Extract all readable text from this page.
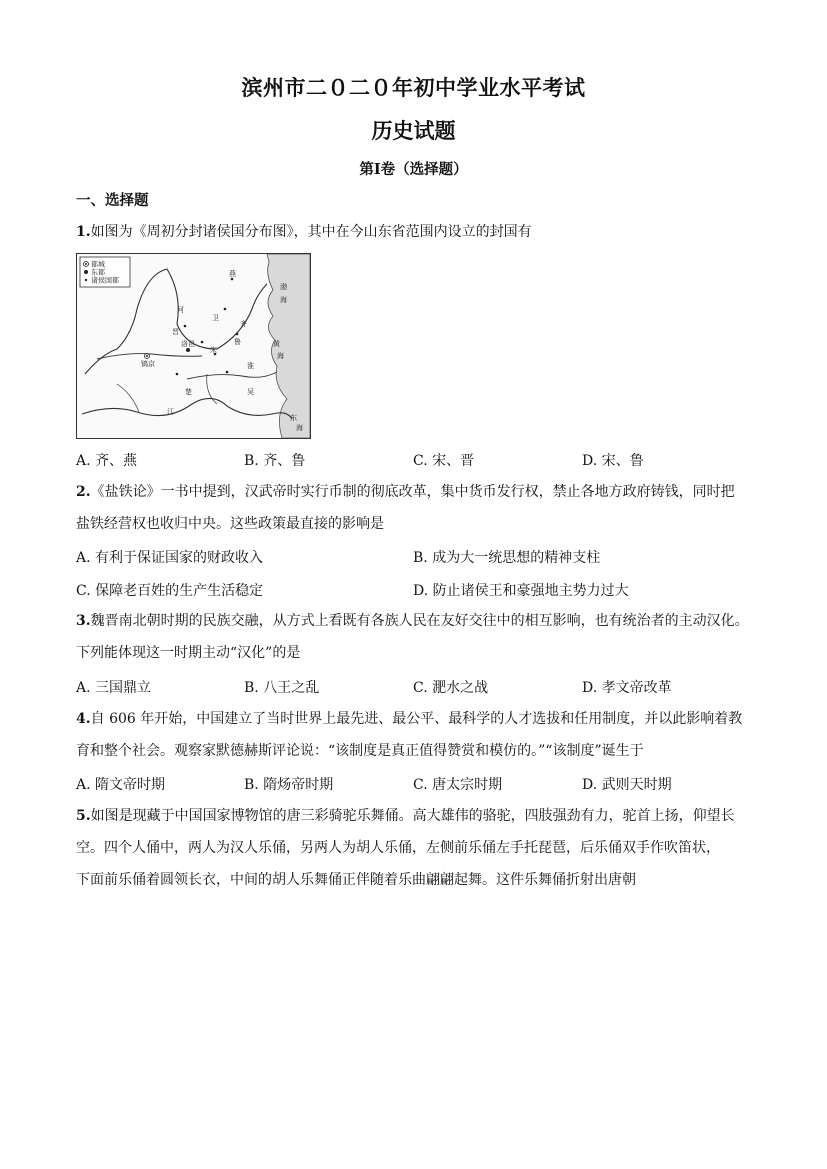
滨州市二０二０年初中学业水平考试
历史试题
第Ⅰ卷（选择题）
一、选择题
1.如图为《周初分封诸侯国分布图》，其中在今山东省范围内设立的封国有
都城
东都
诸侯国都
燕
渤
海
卫
齐
晋
宋
鲁
洛邑
镐京
黄
海
楚	吴
东
海
江
淮
河
A. 齐、燕	B. 齐、鲁	C. 宋、晋	D. 宋、鲁
2.《盐铁论》一书中提到，汉武帝时实行币制的彻底改革，集中货币发行权，禁止各地方政府铸钱，同时把
盐铁经营权也收归中央。这些政策最直接的影响是
A. 有利于保证国家的财政收入	B. 成为大一统思想的精神支柱
C. 保障老百姓的生产生活稳定	D. 防止诸侯王和豪强地主势力过大
3.魏晋南北朝时期的民族交融，从方式上看既有各族人民在友好交往中的相互影响，也有统治者的主动汉化。
下列能体现这一时期主动“汉化”的是
A. 三国鼎立	B. 八王之乱	C. 淝水之战	D. 孝文帝改革
4.自 606 年开始，中国建立了当时世界上最先进、最公平、最科学的人才选拔和任用制度，并以此影响着教
育和整个社会。观察家默德赫斯评论说：“该制度是真正值得赞赏和模仿的。”“该制度”诞生于
A. 隋文帝时期	B. 隋炀帝时期	C. 唐太宗时期	D. 武则天时期
5.如图是现藏于中国国家博物馆的唐三彩骑驼乐舞俑。高大雄伟的骆驼，四肢强劲有力，驼首上扬，仰望长
空。四个人俑中，两人为汉人乐俑，另两人为胡人乐俑，左侧前乐俑左手托琵琶，后乐俑双手作吹笛状，
下面前乐俑着圆领长衣，中间的胡人乐舞俑正伴随着乐曲翩翩起舞。这件乐舞俑折射出唐朝
